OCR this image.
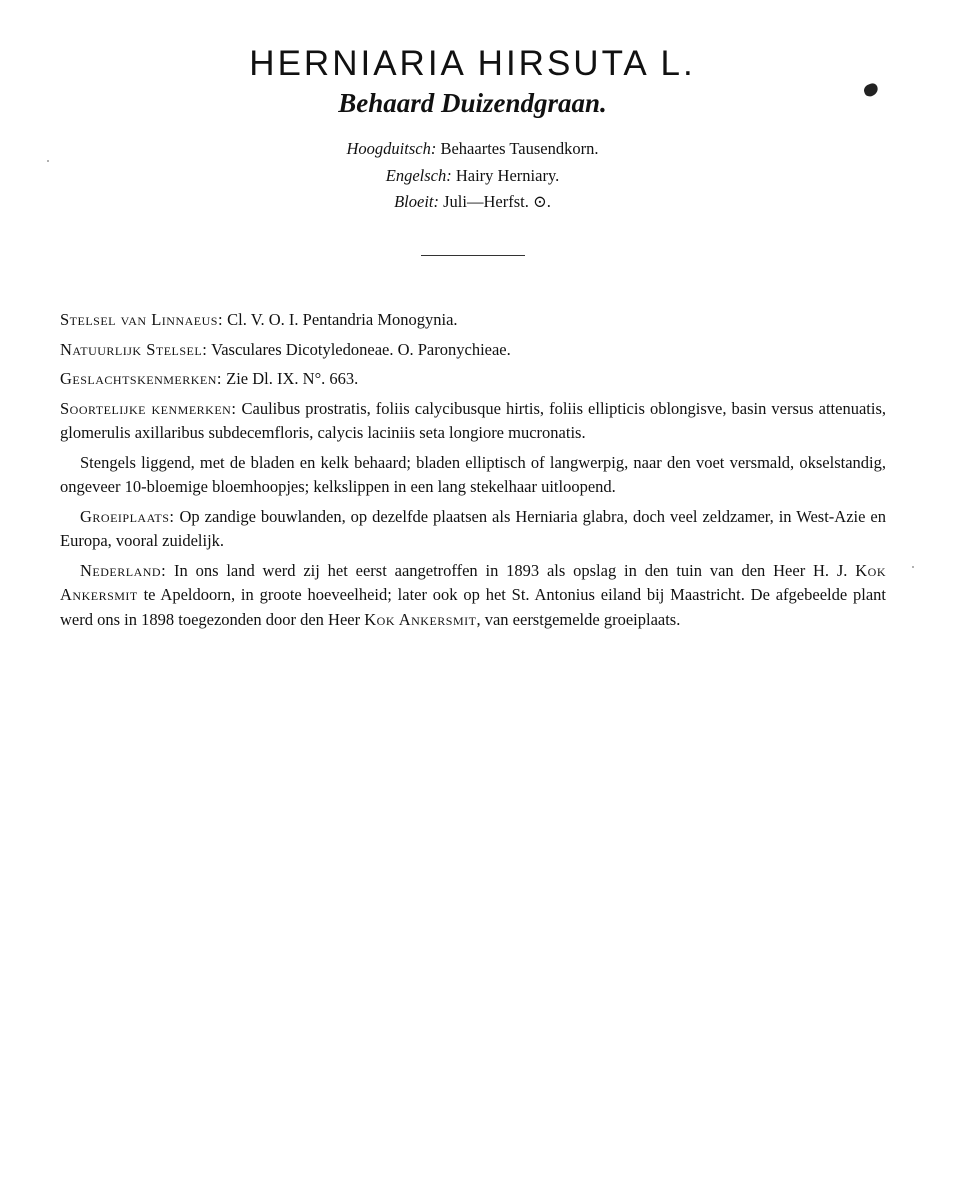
HERNIARIA HIRSUTA L.
Behaard Duizendgraan.
Hoogduitsch: Behaartes Tausendkorn.
Engelsch: Hairy Herniary.
Bloeit: Juli—Herfst. ⊙.

Stelsel van Linnaeus: Cl. V. O. I. Pentandria Monogynia.

Natuurlijk Stelsel: Vasculares Dicotyledoneae. O. Paronychieae.

Geslachtskenmerken: Zie Dl. IX. N°. 663.

Soortelijke kenmerken: Caulibus prostratis, foliis calycibusque hirtis, foliis ellipticis oblongisve, basin versus attenuatis, glomerulis axillaribus subdecemfloris, calycis laciniis seta longiore mucronatis.

Stengels liggend, met de bladen en kelk behaard; bladen elliptisch of langwerpig, naar den voet versmald, okselstandig, ongeveer 10-bloemige bloemhoopjes; kelkslippen in een lang stekelhaar uitloopend.

Groeiplaats: Op zandige bouwlanden, op dezelfde plaatsen als Herniaria glabra, doch veel zeldzamer, in West-Azie en Europa, vooral zuidelijk.

Nederland: In ons land werd zij het eerst aangetroffen in 1893 als opslag in den tuin van den Heer H. J. Kok Ankersmit te Apeldoorn, in groote hoeveelheid; later ook op het St. Antonius eiland bij Maastricht. De afgebeelde plant werd ons in 1898 toegezonden door den Heer Kok Ankersmit, van eerstgemelde groeiplaats.
